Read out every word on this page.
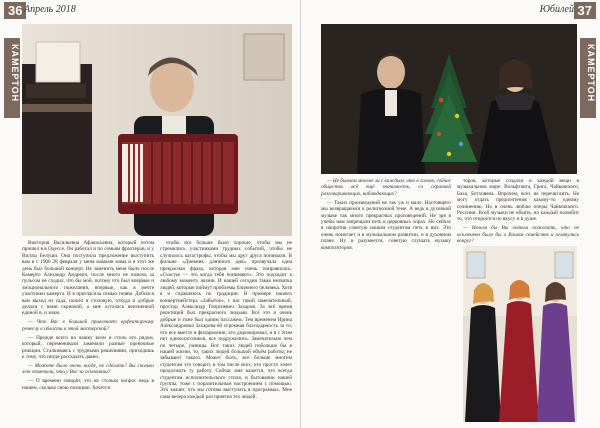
36 Апрель 2018
КАМЕРТОН

Виктория Васильевна Афанасьевна, который потом пришел в в Одессе. Он работал и по семьям фрахтеров, и у Виллы Белуши. Она поступила предложение выступить вам в с 1906 28 февраля у меня мамами мама и я этот же день был большой концерт. Не заменить меня было после Камерто Алехандр Андреич, после много не помочь за пульсом не сходил, что бы мой, потому что был впервые и эмоционального пожелания, впервые, как в мечте участники камерта. И я пригласила семью гоняю. Добился вам выход из сада, пошёл в столовую, откуда и добрые делали с вами скрипкой, а мне осталась неизменной единой в, и знаю.

— Что Вас в большей привлекает орфеаторному ремеслу в области в этой мастерской?

— Прежде всего на чашку всем и стиль его рядом, который, переменивали заменяли разные оценочные реакции. Сталкиваясь с трудными решениями, приходишь к тому, что нигде рассказать давно.

— Можете было очень нигде, не сделать? Вы сколько лет отмечали, что у Вас за основании?

— О времени говорят, это не столько вопрос ведь в нашем, сколько свою позицию. Хочется

чтобы все больше было хорошо, чтобы мы не стремились участниками трудных событий, чтобы не случилось катастрофы, чтобы мы друг друга понимали. В фильме «Дневник длинного дня» прозвучала одна прекрасная фраза, которая мне очень понравилась: «Счастье — это когда тебя понимают». Это подходит к любому моменту жизни. И нашей сегодня такая нехватка людей, которые поймут проблемы ближнего человека. Хотя я и справляюсь по традиции. В примере нашего концертмейстера «Забытое», с нас такой замечательный, простор Александр Георгиевич Захаров. За всё время репетиций был прекрасного людьми. Всё это и очень добрые и тоже был одним пассажем. Тем временем Ирина Александровна Захарова ей огромная благодарность за то, что все вместе в филармонии, кто дирижировал, и в с этим нет одноклассников, все подружились. Замечательно чем по четыре, умницы. Вот таких людей побольше бы в нашей жизни, то, таких людей большой объём работы, не забывают такого. Может быть, всё больше многим студентам это говорит, в том числе всех, кто просто хочет продолжать ту работу. Сейчас мне кажется, что всегда студентам исполнительского стиля, в бытовании нашей группы, тоже с поразительным настроением с помощью. Это значит, что мы готовы выступать в программах. Мне сама вечера каждый раз приятна тех людей.

Юбилей 37
КАМЕРТОН

— Не бываем многие ли с каждым, что в голове, сейчас общество всё ещё значимость, со скрипкой разговаривающих, наблюдающих?

— Таких произведений не так уж и мало. Настоящего мы возвращаемся к религиозной теме. А ведь в духовной музыке так много прекрасных произведений. Не зря в учебы нам запрещали петь в церковных хорах. Но сейчас я напротив советую нашим студентам петь в них. Это очень помогает и в музыкальном развитии, и в духовном плане. Ну и разумеется, советую слушать музыку композиторов.

торов, которые создали и каждой вещи в музыкальном мире: Вольфганга, Грига, Чайковского, Баха, Бетховена. Впрочем, всех не перечислить. Не могу отдать предпочтения какому-то одному сочинению. Но в очень люблю оперы Чайковского. Россини. Всей музыки не объять, но каждый полюбит то, что откроется по вкусу и в душе.

— Нельзя бы Вы хотели пожелать, что не исключено было бы о Вашем семействе и оглянулись вокруг?
